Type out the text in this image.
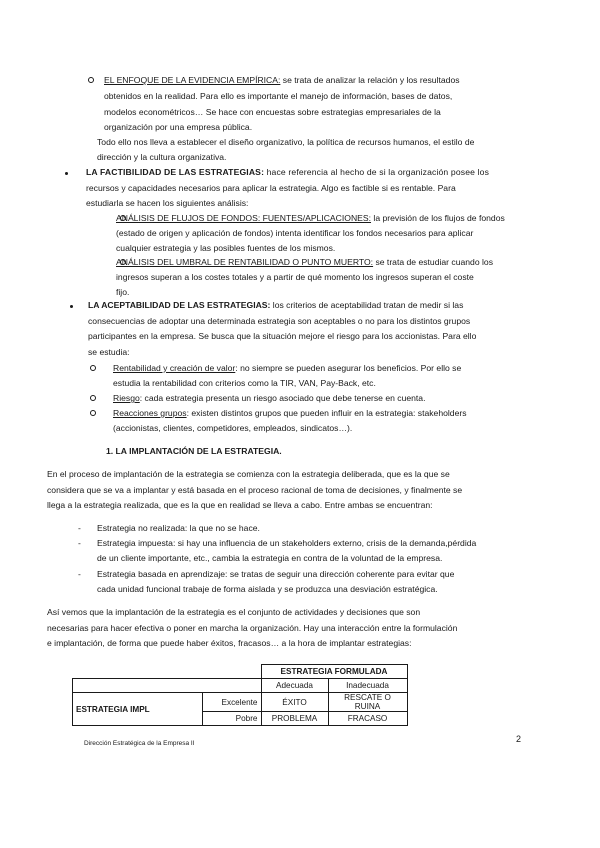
EL ENFOQUE DE LA EVIDENCIA EMPÍRICA: se trata de analizar la relación y los resultados

obtenidos en la realidad. Para ello es importante el manejo de información, bases de datos,

modelos econométricos… Se hace con encuestas sobre estrategias empresariales de la

organización por una empresa pública.

Todo ello nos lleva a establecer el diseño organizativo, la política de recursos humanos, el estilo de

dirección y la cultura organizativa.

LA FACTIBILIDAD DE LAS ESTRATEGIAS: hace referencia al hecho de si la organización posee los

recursos y capacidades necesarios para aplicar la estrategia. Algo es factible si es rentable. Para

estudiarla se hacen los siguientes análisis:

ANÁLISIS DE FLUJOS DE FONDOS: FUENTES/APLICACIONES: la previsión de los flujos de fondos

(estado de origen y aplicación de fondos) intenta identificar los fondos necesarios para aplicar

cualquier estrategia y las posibles fuentes de los mismos.

ANÁLISIS DEL UMBRAL DE RENTABILIDAD O PUNTO MUERTO: se trata de estudiar cuando los

ingresos superan a los costes totales y a partir de qué momento los ingresos superan el coste

fijo.

LA ACEPTABILIDAD DE LAS ESTRATEGIAS: los criterios de aceptabilidad tratan de medir si las

consecuencias de adoptar una determinada estrategia son aceptables o no para los distintos grupos

participantes en la empresa. Se busca que la situación mejore el riesgo para los accionistas. Para ello

se estudia:

Rentabilidad y creación de valor: no siempre se pueden asegurar los beneficios. Por ello se

estudia la rentabilidad con criterios como la TIR, VAN, Pay-Back, etc.

Riesgo: cada estrategia presenta un riesgo asociado que debe tenerse en cuenta.

Reacciones grupos: existen distintos grupos que pueden influir en la estrategia: stakeholders

(accionistas, clientes, competidores, empleados, sindicatos…).

1. LA IMPLANTACIÓN DE LA ESTRATEGIA.

En el proceso de implantación de la estrategia se comienza con la estrategia deliberada, que es la que se

considera que se va a implantar y está basada en el proceso racional de toma de decisiones, y finalmente se

llega a la estrategia realizada, que es la que en realidad se lleva a cabo. Entre ambas se encuentran:

- Estrategia no realizada: la que no se hace.

- Estrategia impuesta: si hay una influencia de un stakeholders externo, crisis de la demanda,pérdida

de un cliente importante, etc., cambia la estrategia en contra de la voluntad de la empresa.

- Estrategia basada en aprendizaje: se tratas de seguir una dirección coherente para evitar que

cada unidad funcional trabaje de forma aislada y se produzca una desviación estratégica.

Así vemos que la implantación de la estrategia es el conjunto de actividades y decisiones que son

necesarias para hacer efectiva o poner en marcha la organización. Hay una interacción entre la formulación

e implantación, de forma que puede haber éxitos, fracasos… a la hora de implantar estrategias:

		ESTRATEGIA FORMULADA	
		Adecuada	Inadecuada
ESTRATEGIA IMPL	Excelente	ÉXITO	RESCATE O RUINA
	Pobre	PROBLEMA	FRACASO

2

Dirección Estratégica de la Empresa II
